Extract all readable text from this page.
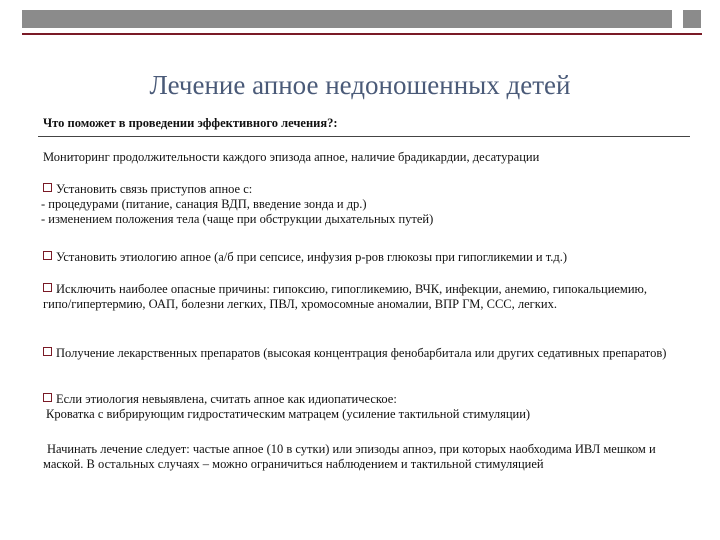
Лечение апное недоношенных детей
Что поможет в проведении эффективного лечения?:
Мониторинг продолжительности каждого эпизода апное, наличие брадикардии, десатурации
Установить связь приступов апное с:
- процедурами (питание, санация ВДП, введение зонда и др.)
- изменением положения тела (чаще при обструкции дыхательных путей)
Установить этиологию апное (а/б при сепсисе, инфузия р-ров глюкозы при гипогликемии и т.д.)
Исключить наиболее опасные причины: гипоксию, гипогликемию, ВЧК, инфекции, анемию, гипокальциемию, гипо/гипертермию, ОАП, болезни легких, ПВЛ, хромосомные аномалии, ВПР ГМ, ССС, легких.
Получение лекарственных препаратов (высокая концентрация фенобарбитала или других седативных препаратов)
Если этиология невыявлена, считать апное как идиопатическое:
Кроватка с вибрирующим гидростатическим матрацем (усиление тактильной стимуляции)
Начинать лечение следует: частые апное (10 в сутки) или эпизоды апноэ, при которых наобходима ИВЛ мешком и маской. В остальных случаях – можно ограничиться наблюдением и тактильной стимуляцией
